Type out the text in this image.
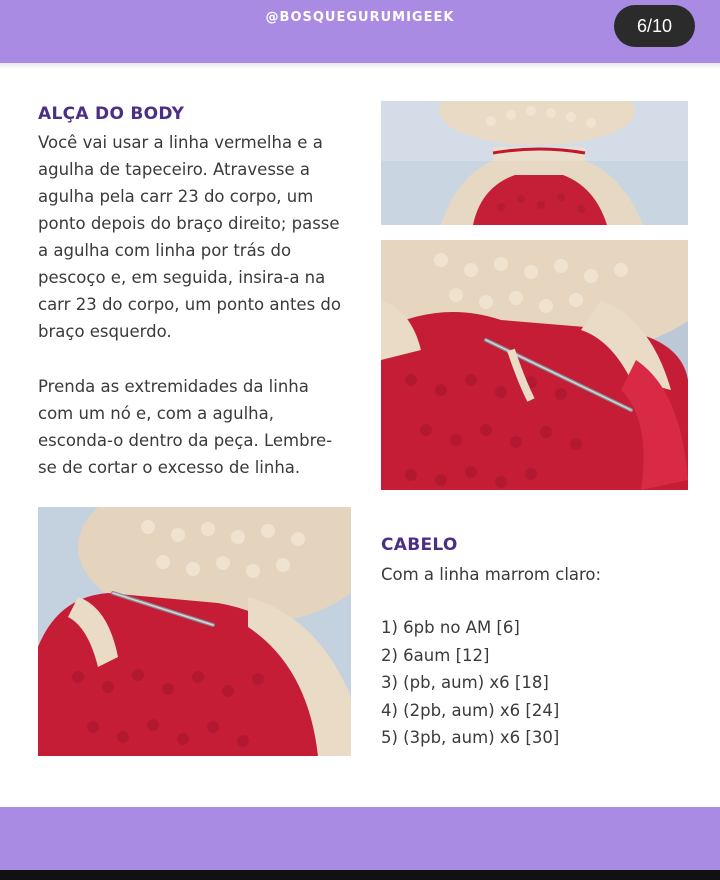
@BOSQUEGURUMIGEEK	6/10
ALÇA DO BODY
Você vai usar a linha vermelha e a
agulha de tapeceiro. Atravesse a
agulha pela carr 23 do corpo, um
ponto depois do braço direito; passe
a agulha com linha por trás do
pescoço e, em seguida, insira-a na
carr 23 do corpo, um ponto antes do
braço esquerdo.
Prenda as extremidades da linha
com um nó e, com a agulha,
esconda-o dentro da peça. Lembre-
se de cortar o excesso de linha.
CABELO
Com a linha marrom claro:
1) 6pb no AM [6]
2) 6aum [12]
3) (pb, aum) x6 [18]
4) (2pb, aum) x6 [24]
5) (3pb, aum) x6 [30]
